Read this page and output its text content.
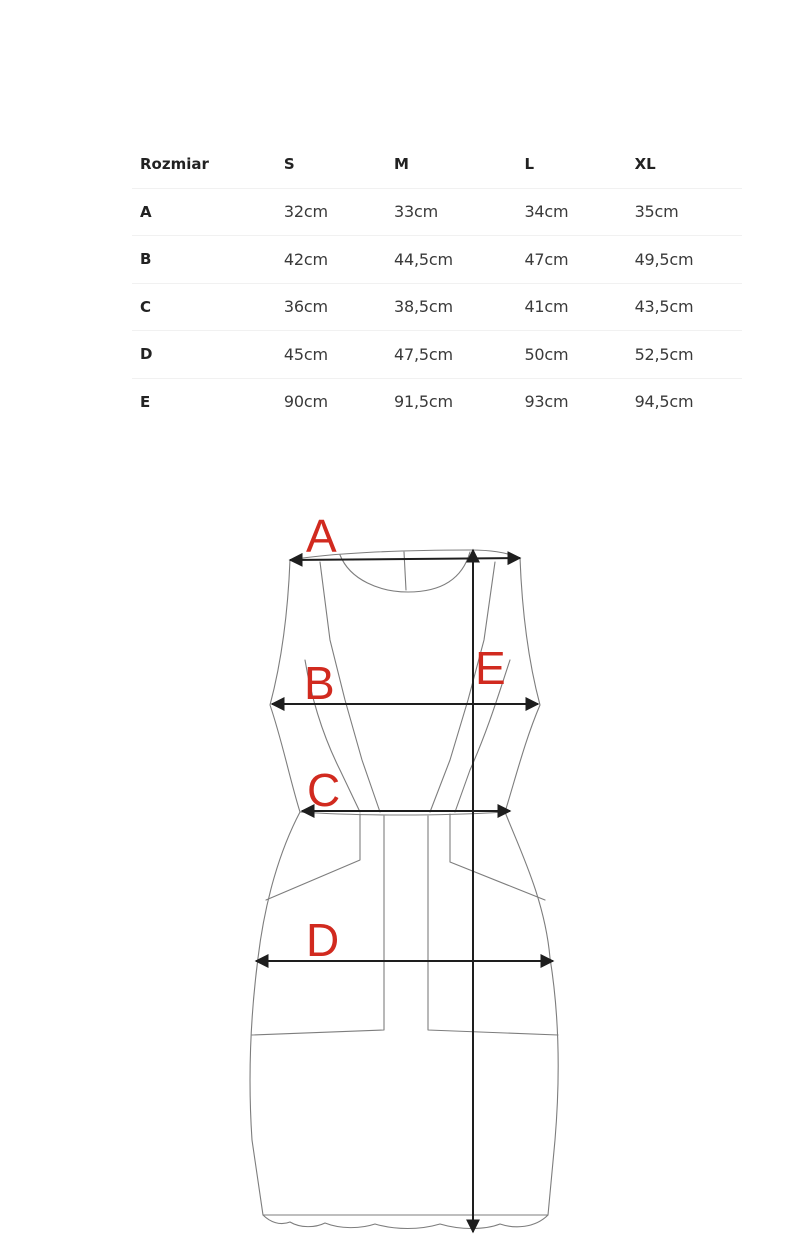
Rozmiar	S	M	L	XL
A	32cm	33cm	34cm	35cm
B	42cm	44,5cm	47cm	49,5cm
C	36cm	38,5cm	41cm	43,5cm
D	45cm	47,5cm	50cm	52,5cm
E	90cm	91,5cm	93cm	94,5cm
A
B
C
D
E
